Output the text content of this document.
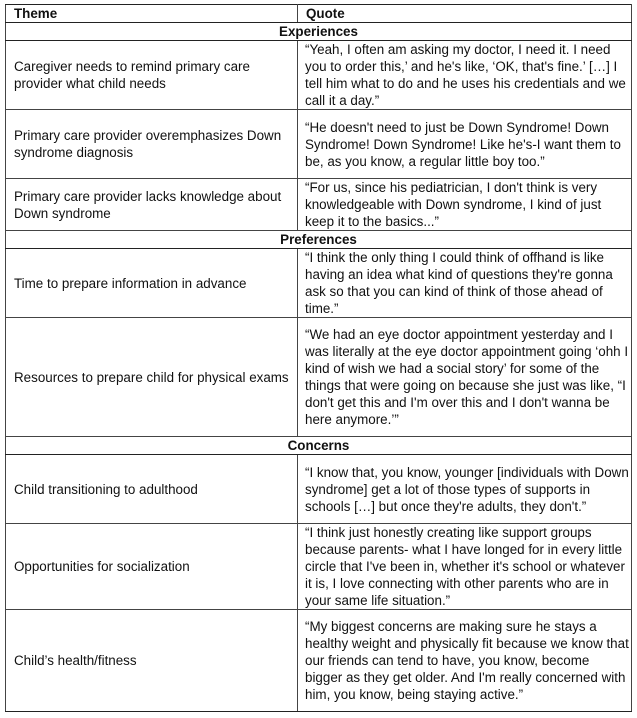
Theme	Quote
Experiences	
Caregiver needs to remind primary care provider what child needs	“Yeah, I often am asking my doctor, I need it. I need you to order this,’ and he's like, ‘OK, that's fine.’ […] I tell him what to do and he uses his credentials and we call it a day.”
Primary care provider overemphasizes Down syndrome diagnosis	“He doesn't need to just be Down Syndrome! Down Syndrome! Down Syndrome! Like he's-I want them to be, as you know, a regular little boy too.”
Primary care provider lacks knowledge about Down syndrome	“For us, since his pediatrician, I don't think is very knowledgeable with Down syndrome, I kind of just keep it to the basics...”
Preferences	
Time to prepare information in advance	“I think the only thing I could think of offhand is like having an idea what kind of questions they're gonna ask so that you can kind of think of those ahead of time.”
Resources to prepare child for physical exams	“We had an eye doctor appointment yesterday and I was literally at the eye doctor appointment going ‘ohh I kind of wish we had a social story’ for some of the things that were going on because she just was like, “I don't get this and I'm over this and I don't wanna be here anymore.’”
Concerns	
Child transitioning to adulthood	“I know that, you know, younger [individuals with Down syndrome] get a lot of those types of supports in schools […] but once they're adults, they don't.”
Opportunities for socialization	“I think just honestly creating like support groups because parents- what I have longed for in every little circle that I've been in, whether it's school or whatever it is, I love connecting with other parents who are in your same life situation.”
Child’s health/fitness	“My biggest concerns are making sure he stays a healthy weight and physically fit because we know that our friends can tend to have, you know, become bigger as they get older. And I'm really concerned with him, you know, being staying active.”
